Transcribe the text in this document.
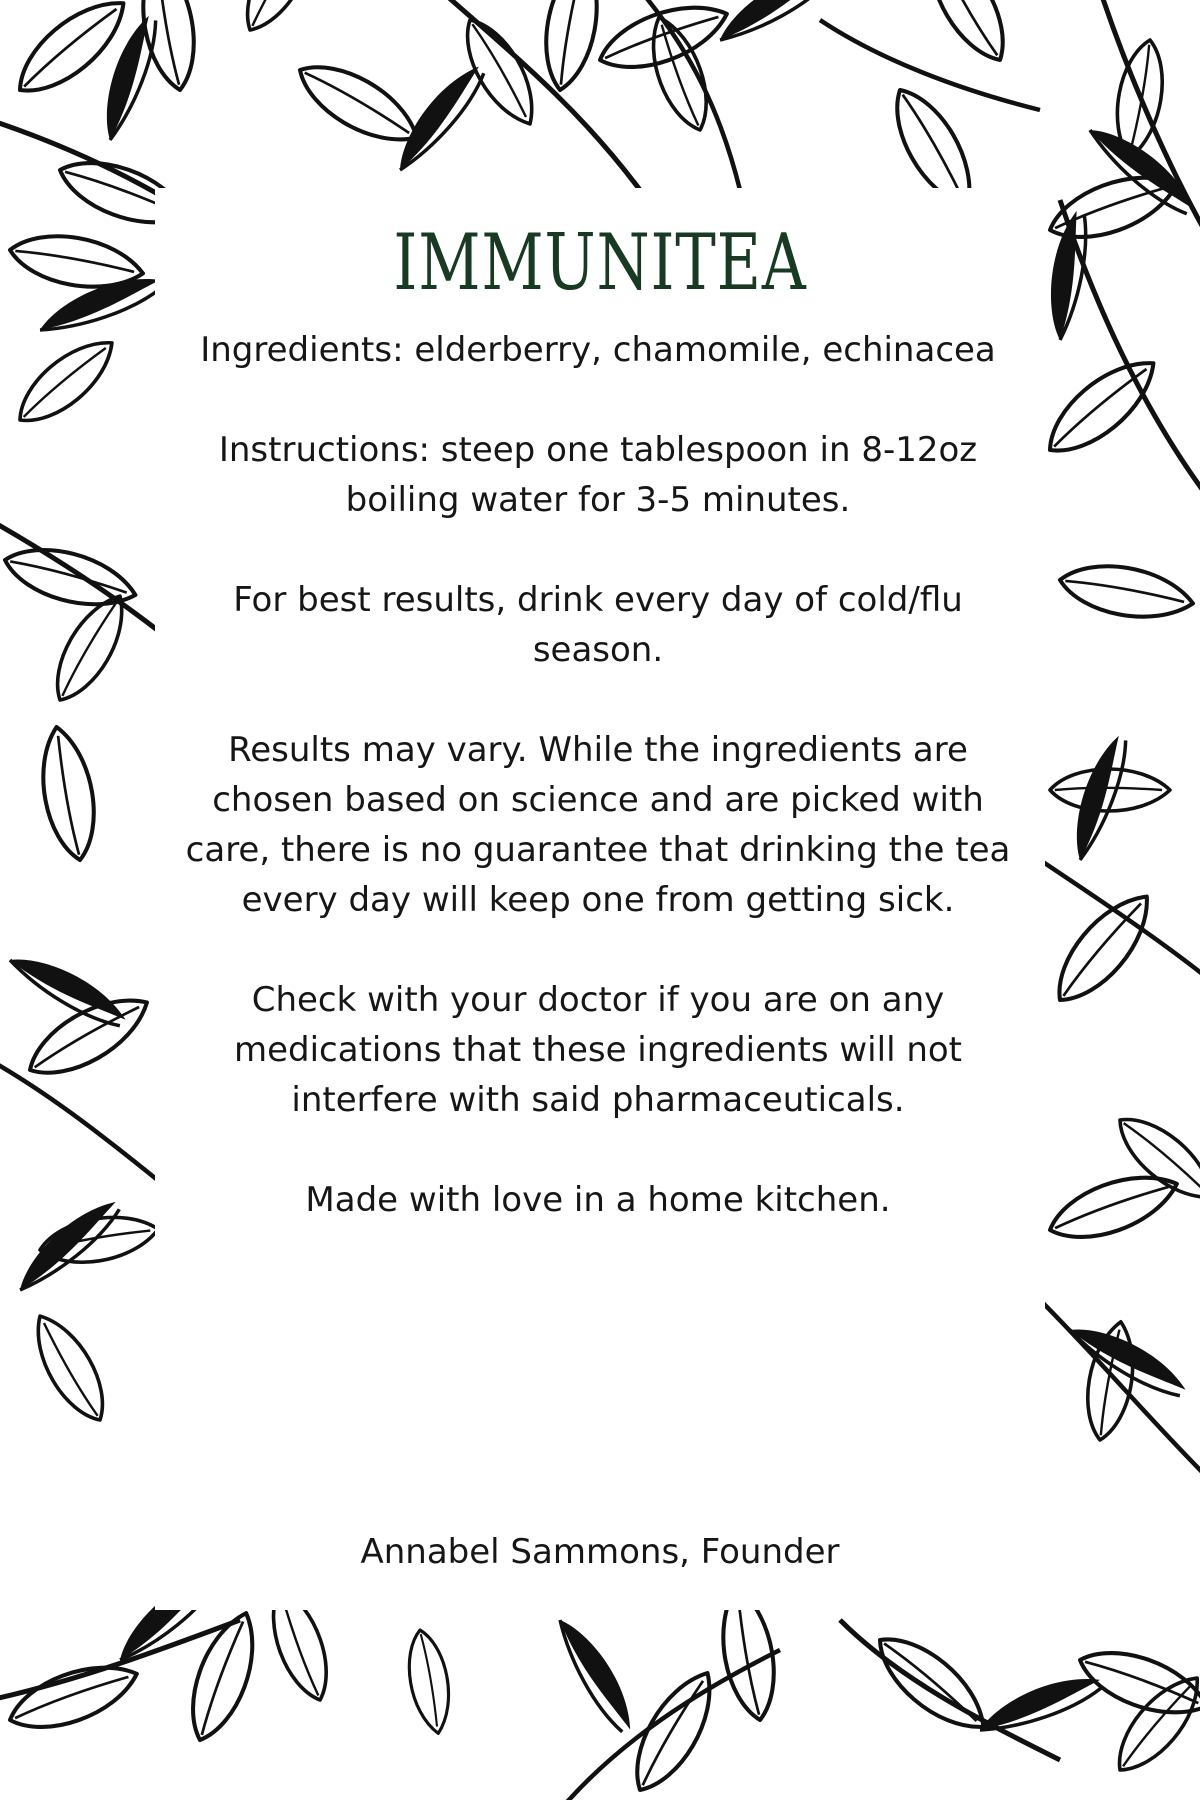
IMMUNITEA

Ingredients: elderberry, chamomile, echinacea

Instructions: steep one tablespoon in 8-12oz boiling water for 3-5 minutes.

For best results, drink every day of cold/flu season.

Results may vary. While the ingredients are chosen based on science and are picked with care, there is no guarantee that drinking the tea every day will keep one from getting sick.

Check with your doctor if you are on any medications that these ingredients will not interfere with said pharmaceuticals.

Made with love in a home kitchen.

Annabel Sammons, Founder
